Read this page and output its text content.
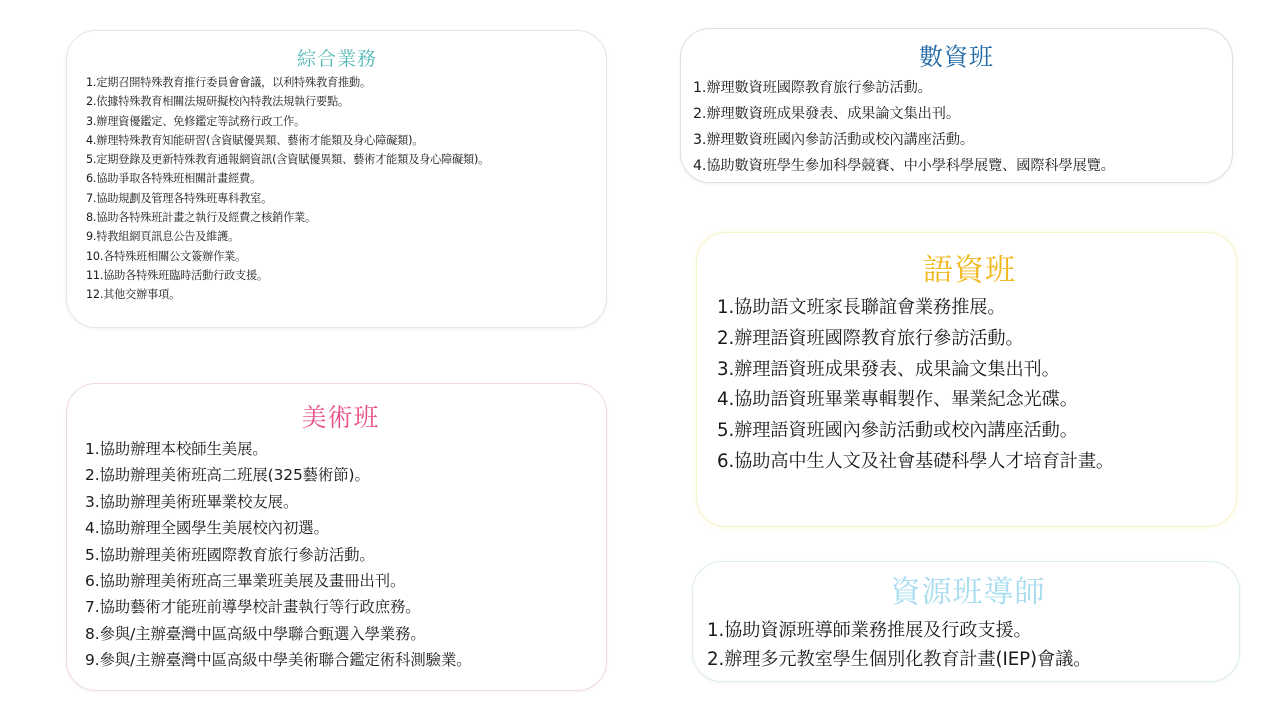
綜合業務
1.定期召開特殊教育推行委員會會議，以利特殊教育推動。
2.依據特殊教育相關法規研擬校內特教法規執行要點。
3.辦理資優鑑定、免修鑑定等試務行政工作。
4.辦理特殊教育知能研習(含資賦優異類、藝術才能類及身心障礙類)。
5.定期登錄及更新特殊教育通報網資訊(含資賦優異類、藝術才能類及身心障礙類)。
6.協助爭取各特殊班相關計畫經費。
7.協助規劃及管理各特殊班專科教室。
8.協助各特殊班計畫之執行及經費之核銷作業。
9.特教組網頁訊息公告及維護。
10.各特殊班相關公文簽辦作業。
11.協助各特殊班臨時活動行政支援。
12.其他交辦事項。
數資班
1.辦理數資班國際教育旅行參訪活動。
2.辦理數資班成果發表、成果論文集出刊。
3.辦理數資班國內參訪活動或校內講座活動。
4.協助數資班學生參加科學競賽、中小學科學展覽、國際科學展覽。
語資班
1.協助語文班家長聯誼會業務推展。
2.辦理語資班國際教育旅行參訪活動。
3.辦理語資班成果發表、成果論文集出刊。
4.協助語資班畢業專輯製作、畢業紀念光碟。
5.辦理語資班國內參訪活動或校內講座活動。
6.協助高中生人文及社會基礎科學人才培育計畫。
美術班
1.協助辦理本校師生美展。
2.協助辦理美術班高二班展(325藝術節)。
3.協助辦理美術班畢業校友展。
4.協助辦理全國學生美展校內初選。
5.協助辦理美術班國際教育旅行參訪活動。
6.協助辦理美術班高三畢業班美展及畫冊出刊。
7.協助藝術才能班前導學校計畫執行等行政庶務。
8.參與/主辦臺灣中區高級中學聯合甄選入學業務。
9.參與/主辦臺灣中區高級中學美術聯合鑑定術科測驗業。
資源班導師
1.協助資源班導師業務推展及行政支援。
2.辦理多元教室學生個別化教育計畫(IEP)會議。
